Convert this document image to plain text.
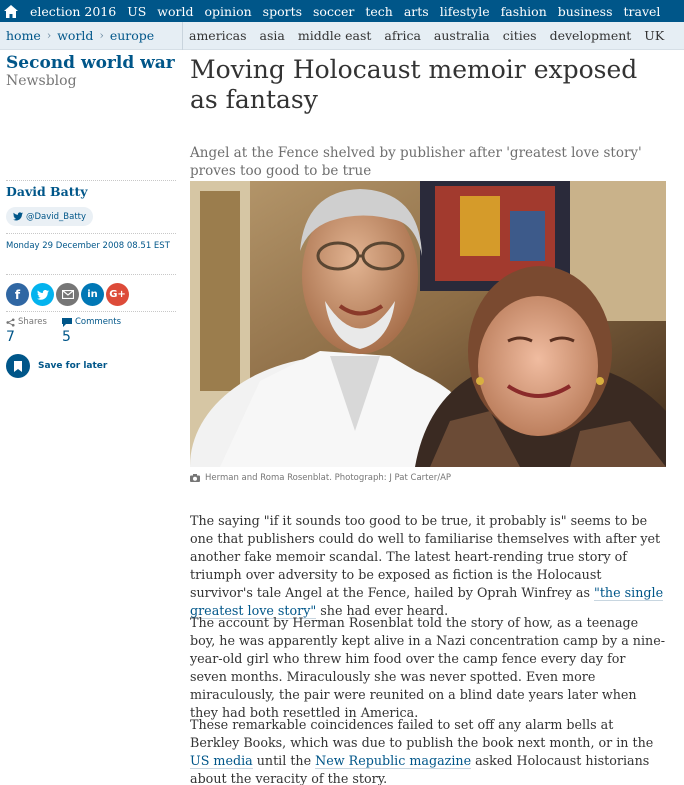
election 2016 US world opinion sports soccer tech arts lifestyle fashion business travel
home › world › europe	americas asia middle east africa australia cities development UK
Second world war
Newsblog
David Batty
@David_Batty
Monday 29 December 2008 08.51 EST
f	in G+
Shares
7
Comments
5
Save for later
Moving Holocaust memoir exposed as fantasy
Angel at the Fence shelved by publisher after 'greatest love story' proves too good to be true
Herman and Roma Rosenblat. Photograph: J Pat Carter/AP

The saying "if it sounds too good to be true, it probably is" seems to be one that publishers could do well to familiarise themselves with after yet another fake memoir scandal. The latest heart-rending true story of triumph over adversity to be exposed as fiction is the Holocaust survivor's tale Angel at the Fence, hailed by Oprah Winfrey as "the single greatest love story" she had ever heard.

The account by Herman Rosenblat told the story of how, as a teenage boy, he was apparently kept alive in a Nazi concentration camp by a nine-year-old girl who threw him food over the camp fence every day for seven months. Miraculously she was never spotted. Even more miraculously, the pair were reunited on a blind date years later when they had both resettled in America.

These remarkable coincidences failed to set off any alarm bells at Berkley Books, which was due to publish the book next month, or in the US media until the New Republic magazine asked Holocaust historians about the veracity of the story.
